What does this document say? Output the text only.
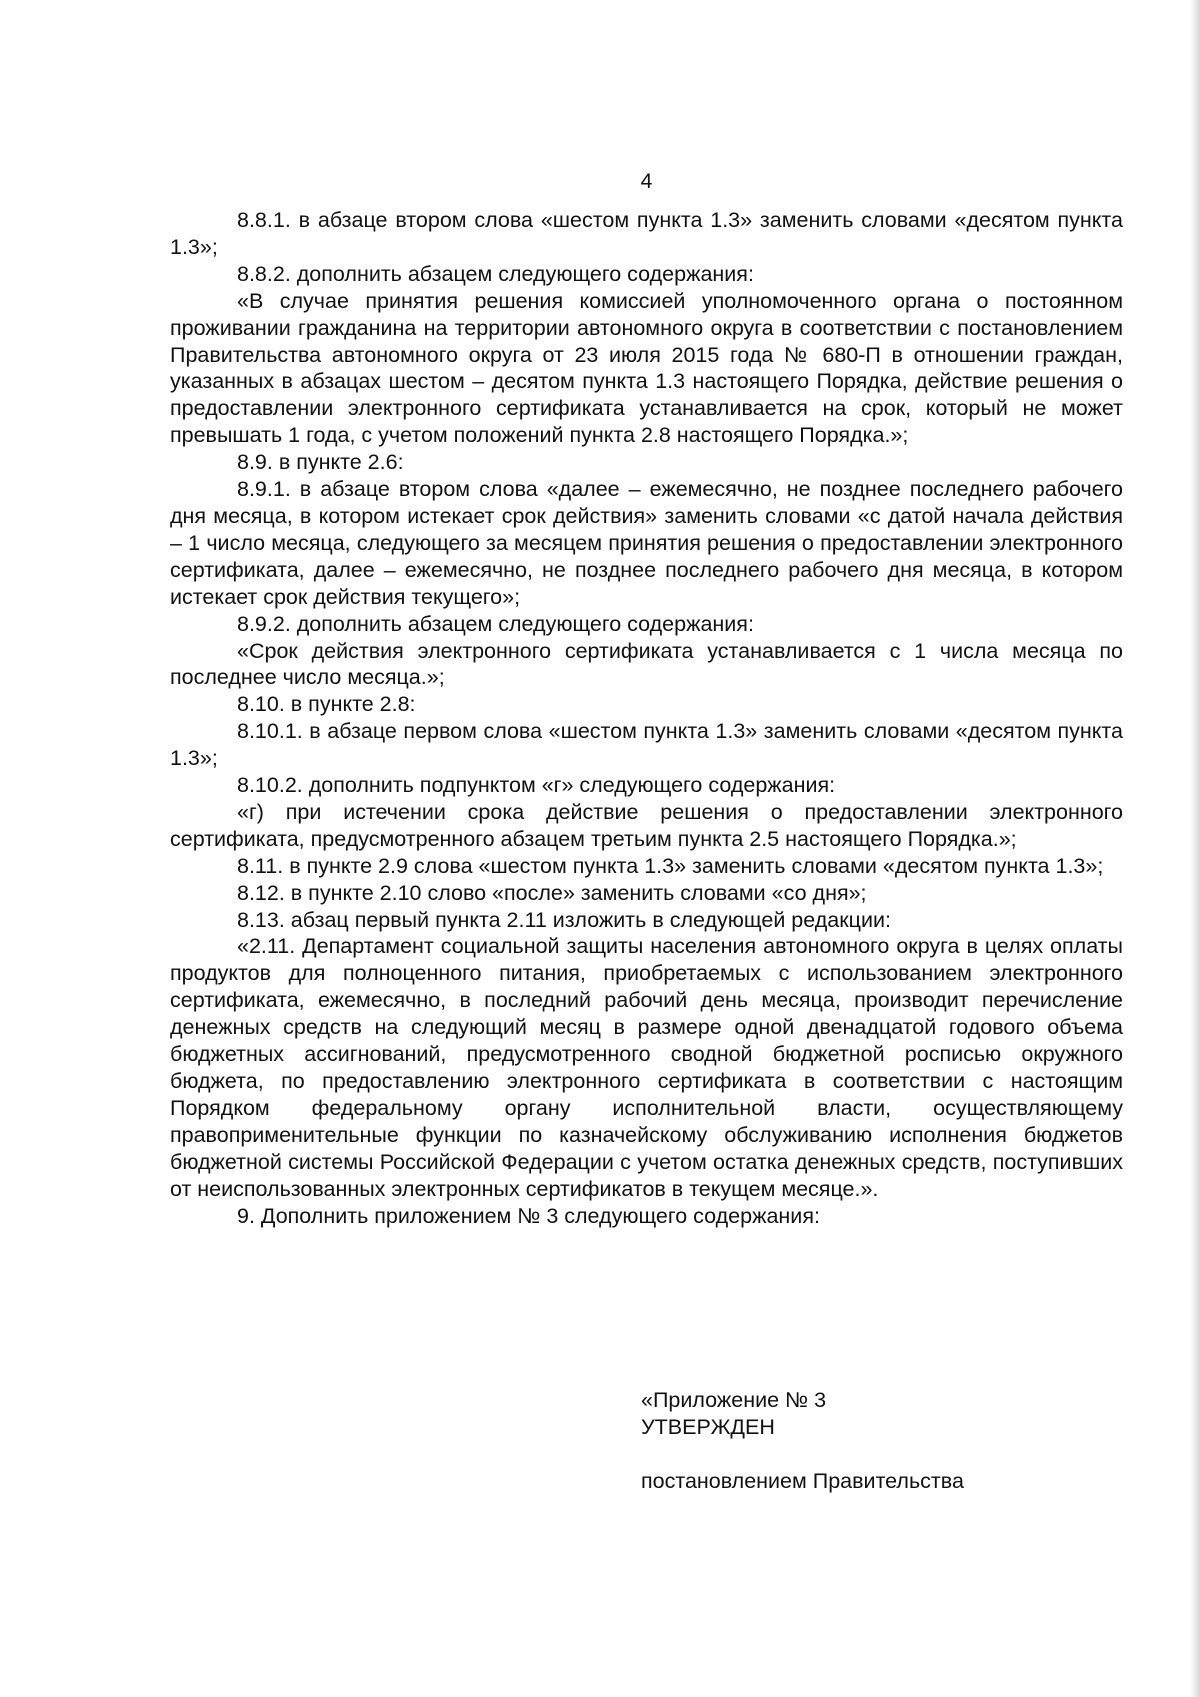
4

8.8.1. в абзаце втором слова «шестом пункта 1.3» заменить словами «десятом пункта 1.3»;

8.8.2. дополнить абзацем следующего содержания:

«В случае принятия решения комиссией уполномоченного органа о постоянном проживании гражданина на территории автономного округа в соответствии с постановлением Правительства автономного округа от 23 июля 2015 года № 680-П в отношении граждан, указанных в абзацах шестом – десятом пункта 1.3 настоящего Порядка, действие решения о предоставлении электронного сертификата устанавливается на срок, который не может превышать 1 года, с учетом положений пункта 2.8 настоящего Порядка.»;

8.9. в пункте 2.6:

8.9.1. в абзаце втором слова «далее – ежемесячно, не позднее последнего рабочего дня месяца, в котором истекает срок действия» заменить словами «с датой начала действия – 1 число месяца, следующего за месяцем принятия решения о предоставлении электронного сертификата, далее – ежемесячно, не позднее последнего рабочего дня месяца, в котором истекает срок действия текущего»;

8.9.2. дополнить абзацем следующего содержания:

«Срок действия электронного сертификата устанавливается с 1 числа месяца по последнее число месяца.»;

8.10. в пункте 2.8:

8.10.1. в абзаце первом слова «шестом пункта 1.3» заменить словами «десятом пункта 1.3»;

8.10.2. дополнить подпунктом «г» следующего содержания:

«г) при истечении срока действие решения о предоставлении электронного сертификата, предусмотренного абзацем третьим пункта 2.5 настоящего Порядка.»;

8.11. в пункте 2.9 слова «шестом пункта 1.3» заменить словами «десятом пункта 1.3»;

8.12. в пункте 2.10 слово «после» заменить словами «со дня»;

8.13. абзац первый пункта 2.11 изложить в следующей редакции:

«2.11. Департамент социальной защиты населения автономного округа в целях оплаты продуктов для полноценного питания, приобретаемых с использованием электронного сертификата, ежемесячно, в последний рабочий день месяца, производит перечисление денежных средств на следующий месяц в размере одной двенадцатой годового объема бюджетных ассигнований, предусмотренного сводной бюджетной росписью окружного бюджета, по предоставлению электронного сертификата в соответствии с настоящим Порядком федеральному органу исполнительной власти, осуществляющему правоприменительные функции по казначейскому обслуживанию исполнения бюджетов бюджетной системы Российской Федерации с учетом остатка денежных средств, поступивших от неиспользованных электронных сертификатов в текущем месяце.».

9. Дополнить приложением № 3 следующего содержания:

«Приложение № 3
УТВЕРЖДЕН
постановлением Правительства
